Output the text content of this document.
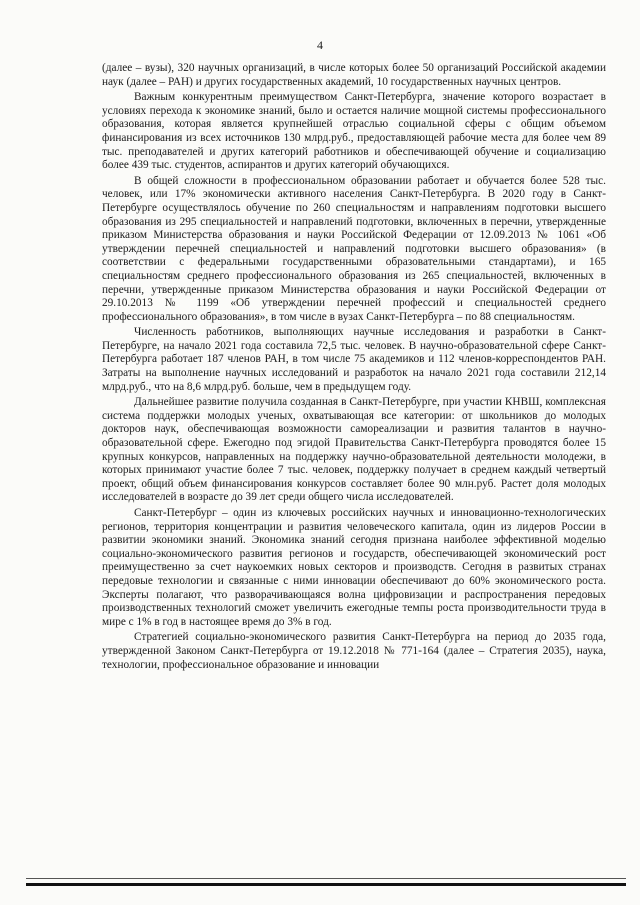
4

(далее – вузы), 320 научных организаций, в числе которых более 50 организаций Российской академии наук (далее – РАН) и других государственных академий, 10 государственных научных центров.

Важным конкурентным преимуществом Санкт-Петербурга, значение которого возрастает в условиях перехода к экономике знаний, было и остается наличие мощной системы профессионального образования, которая является крупнейшей отраслью социальной сферы с общим объемом финансирования из всех источников 130 млрд.руб., предоставляющей рабочие места для более чем 89 тыс. преподавателей и других категорий работников и обеспечивающей обучение и социализацию более 439 тыс. студентов, аспирантов и других категорий обучающихся.

В общей сложности в профессиональном образовании работает и обучается более 528 тыс. человек, или 17% экономически активного населения Санкт-Петербурга. В 2020 году в Санкт-Петербурге осуществлялось обучение по 260 специальностям и направлениям подготовки высшего образования из 295 специальностей и направлений подготовки, включенных в перечни, утвержденные приказом Министерства образования и науки Российской Федерации от 12.09.2013 № 1061 «Об утверждении перечней специальностей и направлений подготовки высшего образования» (в соответствии с федеральными государственными образовательными стандартами), и 165 специальностям среднего профессионального образования из 265 специальностей, включенных в перечни, утвержденные приказом Министерства образования и науки Российской Федерации от 29.10.2013 № 1199 «Об утверждении перечней профессий и специальностей среднего профессионального образования», в том числе в вузах Санкт-Петербурга – по 88 специальностям.

Численность работников, выполняющих научные исследования и разработки в Санкт-Петербурге, на начало 2021 года составила 72,5 тыс. человек. В научно-образовательной сфере Санкт-Петербурга работает 187 членов РАН, в том числе 75 академиков и 112 членов-корреспондентов РАН. Затраты на выполнение научных исследований и разработок на начало 2021 года составили 212,14 млрд.руб., что на 8,6 млрд.руб. больше, чем в предыдущем году.

Дальнейшее развитие получила созданная в Санкт-Петербурге, при участии КНВШ, комплексная система поддержки молодых ученых, охватывающая все категории: от школьников до молодых докторов наук, обеспечивающая возможности самореализации и развития талантов в научно-образовательной сфере. Ежегодно под эгидой Правительства Санкт-Петербурга проводятся более 15 крупных конкурсов, направленных на поддержку научно-образовательной деятельности молодежи, в которых принимают участие более 7 тыс. человек, поддержку получает в среднем каждый четвертый проект, общий объем финансирования конкурсов составляет более 90 млн.руб. Растет доля молодых исследователей в возрасте до 39 лет среди общего числа исследователей.

Санкт-Петербург – один из ключевых российских научных и инновационно-технологических регионов, территория концентрации и развития человеческого капитала, один из лидеров России в развитии экономики знаний. Экономика знаний сегодня признана наиболее эффективной моделью социально-экономического развития регионов и государств, обеспечивающей экономический рост преимущественно за счет наукоемких новых секторов и производств. Сегодня в развитых странах передовые технологии и связанные с ними инновации обеспечивают до 60% экономического роста. Эксперты полагают, что разворачивающаяся волна цифровизации и распространения передовых производственных технологий сможет увеличить ежегодные темпы роста производительности труда в мире с 1% в год в настоящее время до 3% в год.

Стратегией социально-экономического развития Санкт-Петербурга на период до 2035 года, утвержденной Законом Санкт-Петербурга от 19.12.2018 № 771-164 (далее – Стратегия 2035), наука, технологии, профессиональное образование и инновации
